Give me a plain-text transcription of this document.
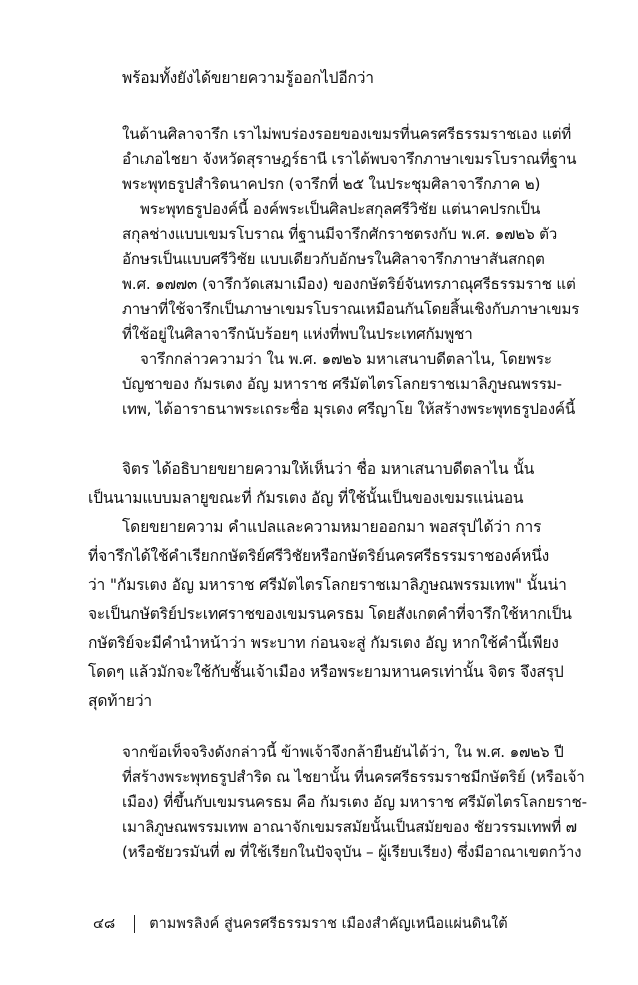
พร้อมทั้งยังได้ขยายความรู้ออกไปอีกว่า
ในด้านศิลาจารึก เราไม่พบร่องรอยของเขมรที่นครศรีธรรมราชเอง แต่ที่
อำเภอไชยา จังหวัดสุราษฎร์ธานี เราได้พบจารึกภาษาเขมรโบราณที่ฐาน
พระพุทธรูปสำริดนาคปรก (จารึกที่ ๒๕ ในประชุมศิลาจารึกภาค ๒)
พระพุทธรูปองค์นี้ องค์พระเป็นศิลปะสกุลศรีวิชัย แต่นาคปรกเป็น
สกุลช่างแบบเขมรโบราณ ที่ฐานมีจารึกศักราชตรงกับ พ.ศ. ๑๗๒๖ ตัว
อักษรเป็นแบบศรีวิชัย แบบเดียวกับอักษรในศิลาจารึกภาษาสันสกฤต
พ.ศ. ๑๗๗๓ (จารึกวัดเสมาเมือง) ของกษัตริย์จันทรภาณุศรีธรรมราช แต่
ภาษาที่ใช้จารึกเป็นภาษาเขมรโบราณเหมือนกันโดยสิ้นเชิงกับภาษาเขมร
ที่ใช้อยู่ในศิลาจารึกนับร้อยๆ แห่งที่พบในประเทศกัมพูชา
จารึกกล่าวความว่า ใน พ.ศ. ๑๗๒๖ มหาเสนาบดีตลาไน, โดยพระ
บัญชาของ กัมรเตง อัญ มหาราช ศรีมัตไตรโลกยราชเมาลิภูษณพรรม-
เทพ, ได้อาราธนาพระเถระชื่อ มุรเดง ศรีญาโย ให้สร้างพระพุทธรูปองค์นี้
จิตร ได้อธิบายขยายความให้เห็นว่า ชื่อ มหาเสนาบดีตลาไน นั้น
เป็นนามแบบมลายูขณะที่ กัมรเตง อัญ ที่ใช้นั้นเป็นของเขมรแน่นอน
โดยขยายความ คำแปลและความหมายออกมา พอสรุปได้ว่า การ
ที่จารึกได้ใช้คำเรียกกษัตริย์ศรีวิชัยหรือกษัตริย์นครศรีธรรมราชองค์หนึ่ง
ว่า "กัมรเตง อัญ มหาราช ศรีมัตไตรโลกยราชเมาลิภูษณพรรมเทพ" นั้นน่า
จะเป็นกษัตริย์ประเทศราชของเขมรนครธม โดยสังเกตคำที่จารึกใช้หากเป็น
กษัตริย์จะมีคำนำหน้าว่า พระบาท ก่อนจะสู่ กัมรเตง อัญ หากใช้คำนี้เพียง
โดดๆ แล้วมักจะใช้กับชั้นเจ้าเมือง หรือพระยามหานครเท่านั้น จิตร จึงสรุป
สุดท้ายว่า
จากข้อเท็จจริงดังกล่าวนี้ ข้าพเจ้าจึงกล้ายืนยันได้ว่า, ใน พ.ศ. ๑๗๒๖ ปี
ที่สร้างพระพุทธรูปสำริด ณ ไชยานั้น ที่นครศรีธรรมราชมีกษัตริย์ (หรือเจ้า
เมือง) ที่ขึ้นกับเขมรนครธม คือ กัมรเตง อัญ มหาราช ศรีมัตไตรโลกยราช-
เมาลิภูษณพรรมเทพ อาณาจักเขมรสมัยนั้นเป็นสมัยของ ชัยวรรมเทพที่ ๗
(หรือชัยวรมันที่ ๗ ที่ใช้เรียกในปัจจุบัน – ผู้เรียบเรียง) ซึ่งมีอาณาเขตกว้าง
๔๘ ตามพรลิงค์ สู่นครศรีธรรมราช เมืองสำคัญเหนือแผ่นดินใต้
